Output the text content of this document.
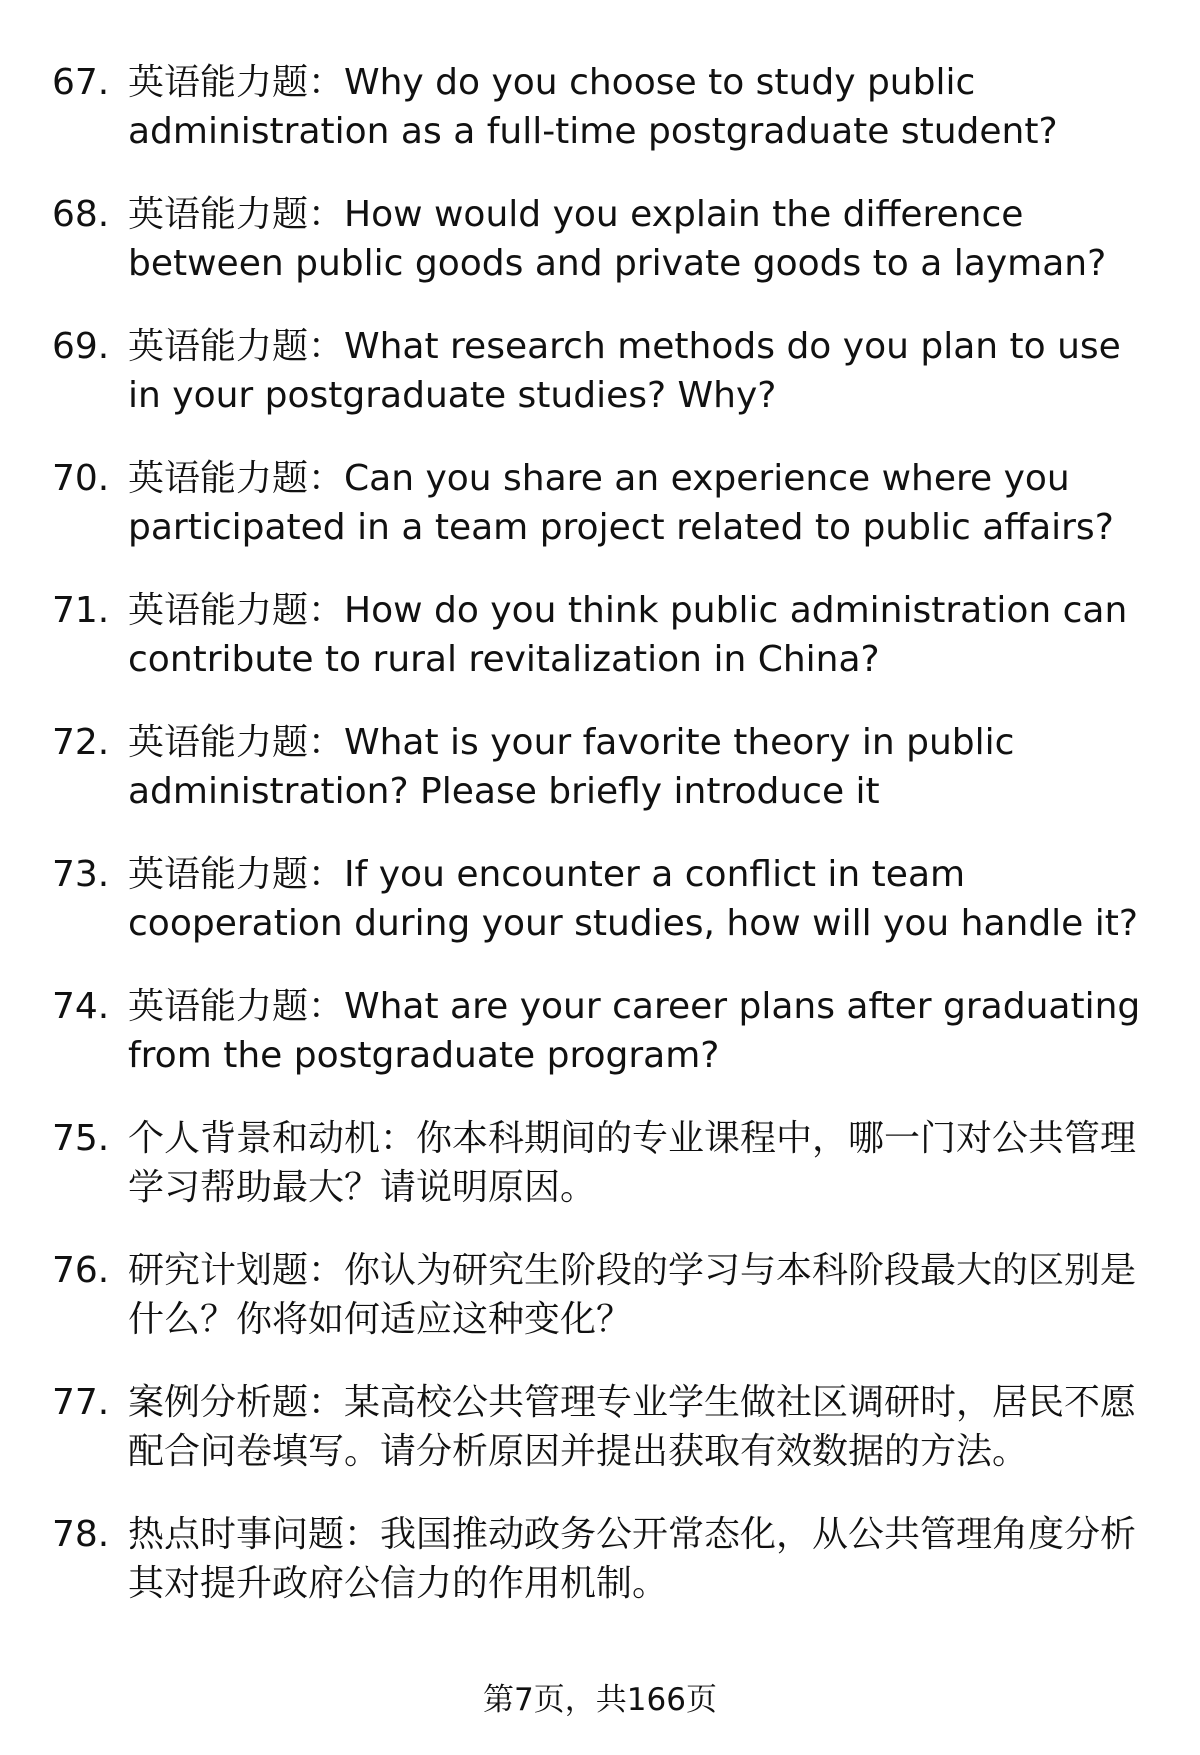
67. 英语能力题：Why do you choose to study public administration as a full-time postgraduate student?
68. 英语能力题：How would you explain the difference between public goods and private goods to a layman?
69. 英语能力题：What research methods do you plan to use in your postgraduate studies? Why?
70. 英语能力题：Can you share an experience where you participated in a team project related to public affairs?
71. 英语能力题：How do you think public administration can contribute to rural revitalization in China?
72. 英语能力题：What is your favorite theory in public administration? Please briefly introduce it
73. 英语能力题：If you encounter a conflict in team cooperation during your studies, how will you handle it?
74. 英语能力题：What are your career plans after graduating from the postgraduate program?
75. 个人背景和动机：你本科期间的专业课程中，哪一门对公共管理学习帮助最大？请说明原因。
76. 研究计划题：你认为研究生阶段的学习与本科阶段最大的区别是什么？你将如何适应这种变化？
77. 案例分析题：某高校公共管理专业学生做社区调研时，居民不愿配合问卷填写。请分析原因并提出获取有效数据的方法。
78. 热点时事问题：我国推动政务公开常态化，从公共管理角度分析其对提升政府公信力的作用机制。
第7页，共166页
